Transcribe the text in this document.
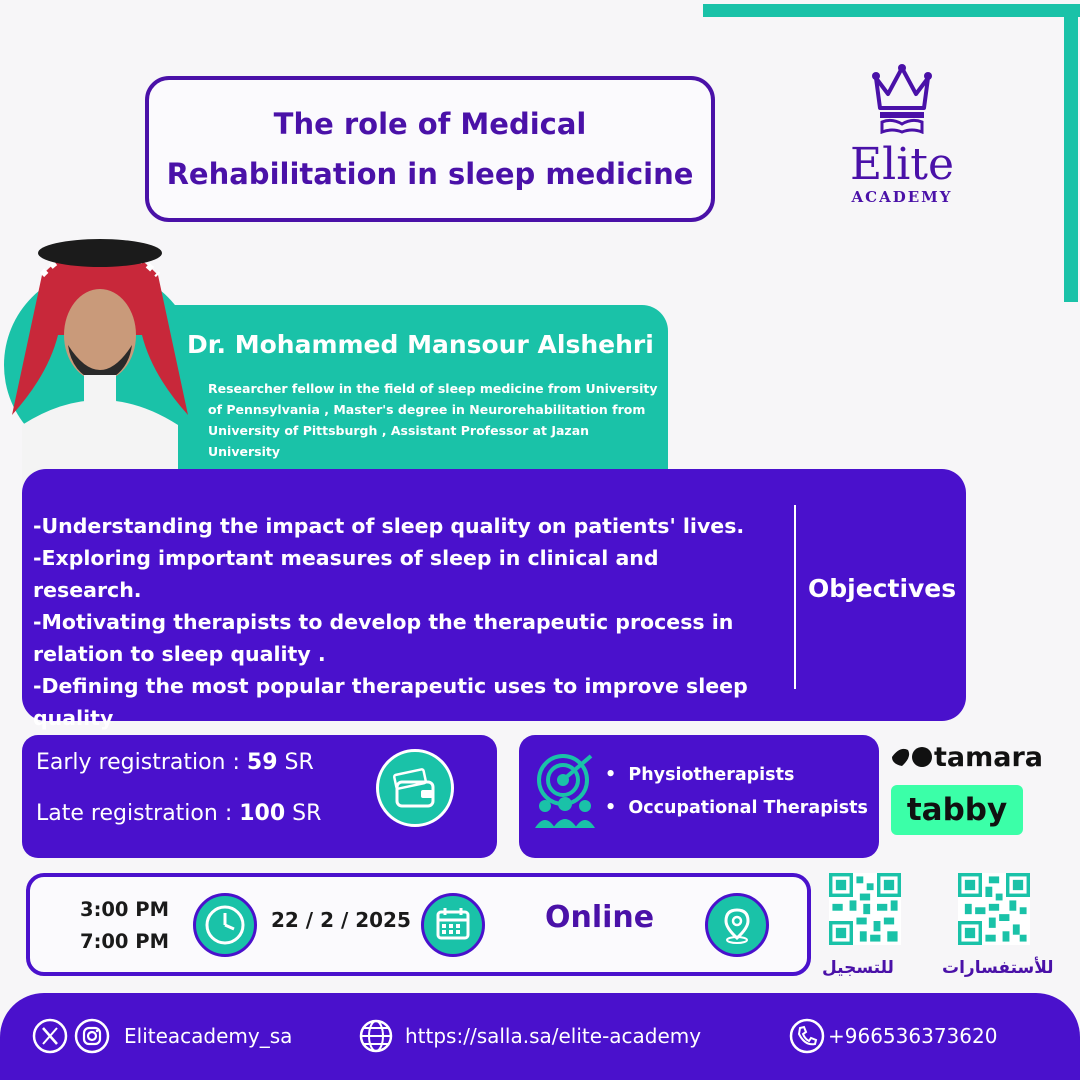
The role of Medical
Rehabilitation in sleep medicine	Elite
ACADEMY
Dr. Mohammed Mansour Alshehri
Researcher fellow in the field of sleep medicine from University
of Pennsylvania , Master's degree in Neurorehabilitation from
University of Pittsburgh , Assistant Professor at Jazan University
-Understanding the impact of sleep quality on patients' lives.
-Exploring important measures of sleep in clinical and research.
-Motivating therapists to develop the therapeutic process in
relation to sleep quality .
-Defining the most popular therapeutic uses to improve sleep
quality
Objectives
Early registration : 59 SR
Late registration : 100 SR
•  Physiotherapists
•  Occupational Therapists
tamara
tabby
3:00 PM
7:00 PM
22 / 2 / 2025	Online
للتسجيل	للأستفسارات
Eliteacademy_sa	https://salla.sa/elite-academy	+966536373620
